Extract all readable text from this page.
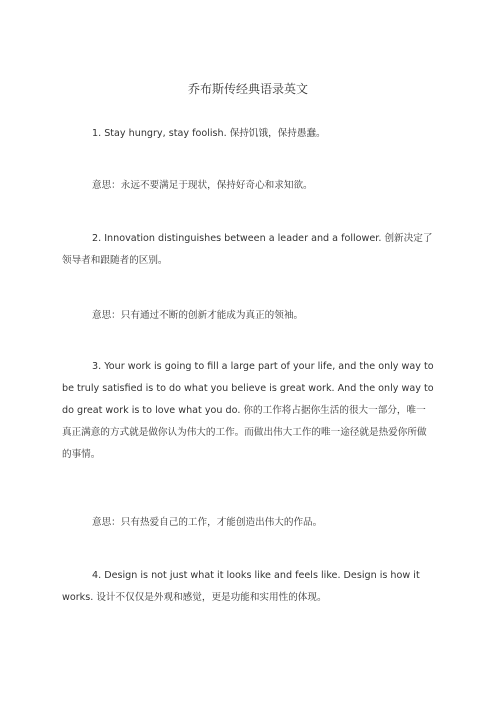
乔布斯传经典语录英文

1. Stay hungry, stay foolish. 保持饥饿，保持愚蠢。

意思：永远不要满足于现状，保持好奇心和求知欲。

2. Innovation distinguishes between a leader and a follower. 创新决定了领导者和跟随者的区别。

意思：只有通过不断的创新才能成为真正的领袖。

3. Your work is going to fill a large part of your life, and the only way to be truly satisfied is to do what you believe is great work. And the only way to do great work is to love what you do. 你的工作将占据你生活的很大一部分，唯一真正满意的方式就是做你认为伟大的工作。而做出伟大工作的唯一途径就是热爱你所做的事情。

意思：只有热爱自己的工作，才能创造出伟大的作品。

4. Design is not just what it looks like and feels like. Design is how it works. 设计不仅仅是外观和感觉，更是功能和实用性的体现。
